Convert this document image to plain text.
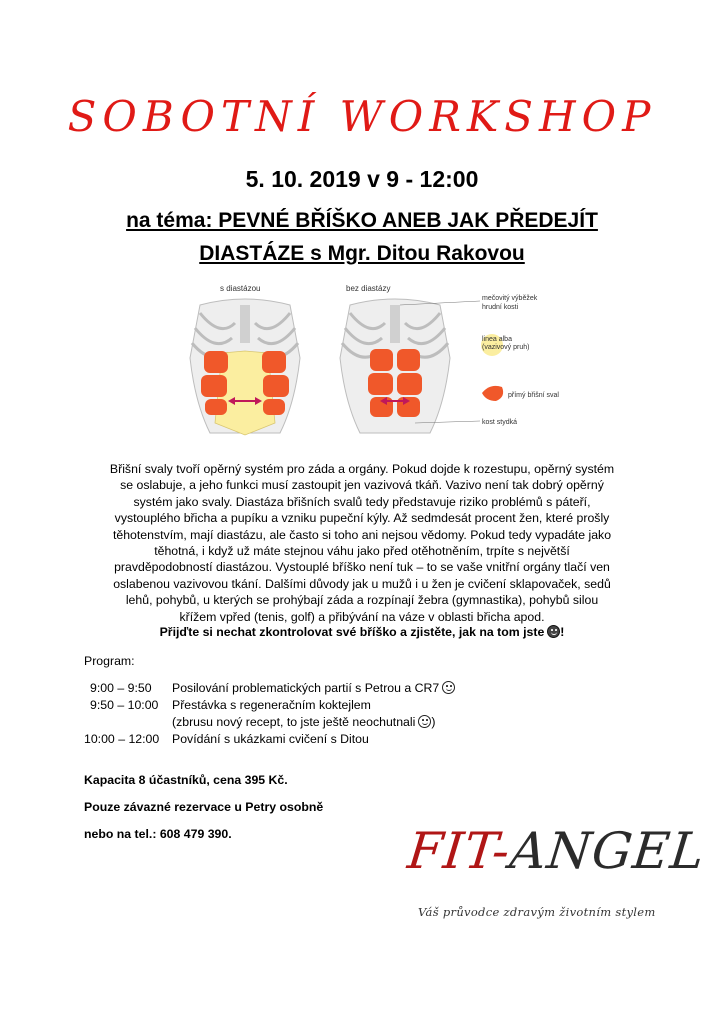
SOBOTNÍ WORKSHOP
5. 10. 2019 v 9 - 12:00
na téma: PEVNÉ BŘÍŠKO ANEB JAK PŘEDEJÍT
DIASTÁZE s Mgr. Ditou Rakovou
s diastázou	bez diastázy
mečovitý výběžek
hrudní kosti
linea alba
(vazivový pruh)
přímý břišní sval
kost stydká
Břišní svaly tvoří opěrný systém pro záda a orgány. Pokud dojde k rozestupu, opěrný systém
se oslabuje, a jeho funkci musí zastoupit jen vazivová tkáň. Vazivo není tak dobrý opěrný
systém jako svaly. Diastáza břišních svalů tedy představuje riziko problémů s páteří,
vystouplého břicha a pupíku a vzniku pupeční kýly. Až sedmdesát procent žen, které prošly
těhotenstvím, mají diastázu, ale často si toho ani nejsou vědomy. Pokud tedy vypadáte jako
těhotná, i když už máte stejnou váhu jako před otěhotněním, trpíte s největší
pravděpodobností diastázou. Vystouplé bříško není tuk – to se vaše vnitřní orgány tlačí ven
oslabenou vazivovou tkání. Dalšími důvody jak u mužů i u žen je cvičení sklapovaček, sedů
lehů, pohybů, u kterých se prohýbají záda a rozpínají žebra (gymnastika), pohybů silou
křížem vpřed (tenis, golf) a přibývání na váze v oblasti břicha apod.
Přijďte si nechat zkontrolovat své bříško a zjistěte, jak na tom jste !
Program:
9:00 – 9:50 Posilování problematických partií s Petrou a CR7
9:50 – 10:00 Přestávka s regeneračním koktejlem
(zbrusu nový recept, to jste ještě neochutnali )
10:00 – 12:00 Povídání s ukázkami cvičení s Ditou
Kapacita 8 účastníků, cena 395 Kč.
Pouze závazné rezervace u Petry osobně
nebo na tel.: 608 479 390.	FIT-ANGEL
Váš průvodce zdravým životním stylem
